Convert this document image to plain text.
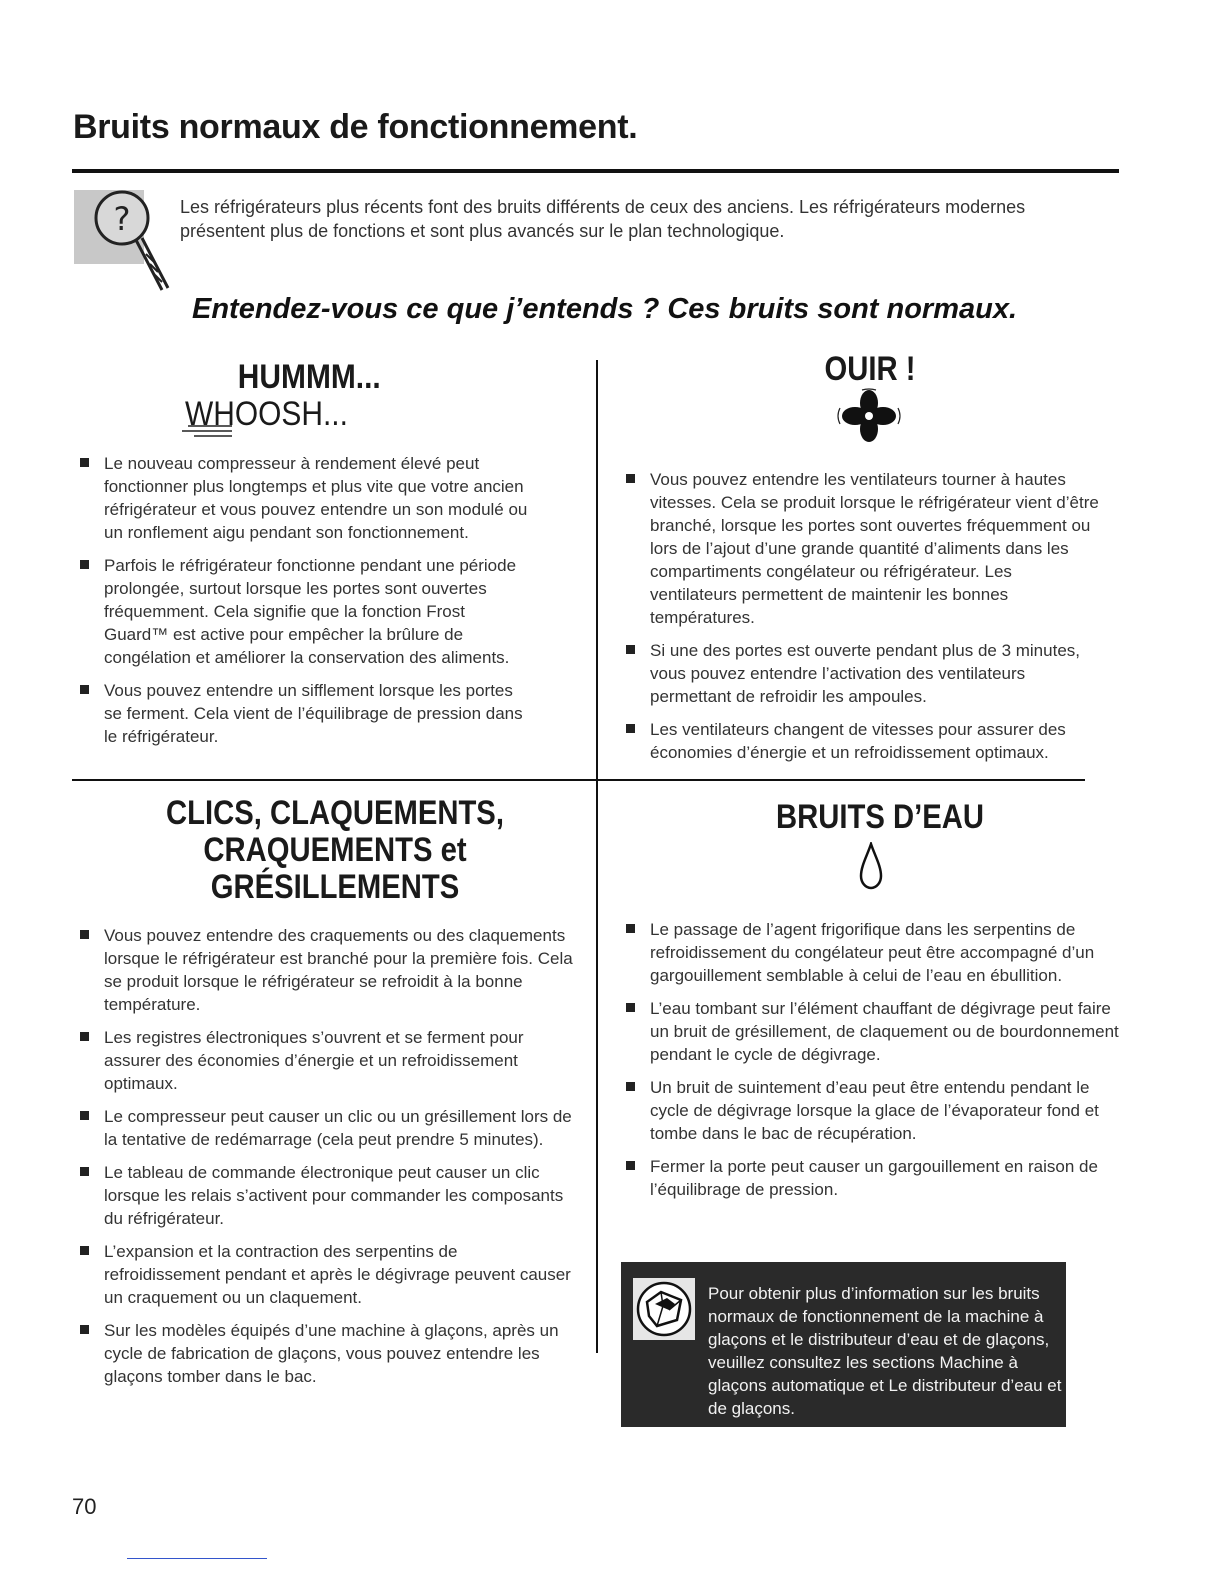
Bruits normaux de fonctionnement.
?	Les réfrigérateurs plus récents font des bruits différents de ceux des anciens. Les réfrigérateurs modernes présentent plus de fonctions et sont plus avancés sur le plan technologique.

Entendez-vous ce que j’entends ? Ces bruits sont normaux.
HUMMM...
WHOOSH...
Le nouveau compresseur à rendement élevé peut fonctionner plus longtemps et plus vite que votre ancien réfrigérateur et vous pouvez entendre un son modulé ou un ronflement aigu pendant son fonctionnement.
Parfois le réfrigérateur fonctionne pendant une période prolongée, surtout lorsque les portes sont ouvertes fréquemment. Cela signifie que la fonction Frost Guard™ est active pour empêcher la brûlure de congélation et améliorer la conservation des aliments.
Vous pouvez entendre un sifflement lorsque les portes se ferment. Cela vient de l’équilibrage de pression dans le réfrigérateur.
OUIR !
Vous pouvez entendre les ventilateurs tourner à hautes vitesses. Cela se produit lorsque le réfrigérateur vient d’être branché, lorsque les portes sont ouvertes fréquemment ou lors de l’ajout d’une grande quantité d’aliments dans les compartiments congélateur ou réfrigérateur. Les ventilateurs permettent de maintenir les bonnes températures.
Si une des portes est ouverte pendant plus de 3 minutes, vous pouvez entendre l’activation des ventilateurs permettant de refroidir les ampoules.
Les ventilateurs changent de vitesses pour assurer des économies d’énergie et un refroidissement optimaux.
CLICS, CLAQUEMENTS,
CRAQUEMENTS et
GRÉSILLEMENTS
Vous pouvez entendre des craquements ou des claquements lorsque le réfrigérateur est branché pour la première fois. Cela se produit lorsque le réfrigérateur se refroidit à la bonne température.
Les registres électroniques s’ouvrent et se ferment pour assurer des économies d’énergie et un refroidissement optimaux.
Le compresseur peut causer un clic ou un grésillement lors de la tentative de redémarrage (cela peut prendre 5 minutes).
Le tableau de commande électronique peut causer un clic lorsque les relais s’activent pour commander les composants du réfrigérateur.
L’expansion et la contraction des serpentins de refroidissement pendant et après le dégivrage peuvent causer un craquement ou un claquement.
Sur les modèles équipés d’une machine à glaçons, après un cycle de fabrication de glaçons, vous pouvez entendre les glaçons tomber dans le bac.
BRUITS D’EAU
Le passage de l’agent frigorifique dans les serpentins de refroidissement du congélateur peut être accompagné d’un gargouillement semblable à celui de l’eau en ébullition.
L’eau tombant sur l’élément chauffant de dégivrage peut faire un bruit de grésillement, de claquement ou de bourdonnement pendant le cycle de dégivrage.
Un bruit de suintement d’eau peut être entendu pendant le cycle de dégivrage lorsque la glace de l’évaporateur fond et tombe dans le bac de récupération.
Fermer la porte peut causer un gargouillement en raison de l’équilibrage de pression.

Pour obtenir plus d’information sur les bruits normaux de fonctionnement de la machine à glaçons et le distributeur d’eau et de glaçons, veuillez consultez les sections Machine à glaçons automatique et Le distributeur d’eau et de glaçons.

70
